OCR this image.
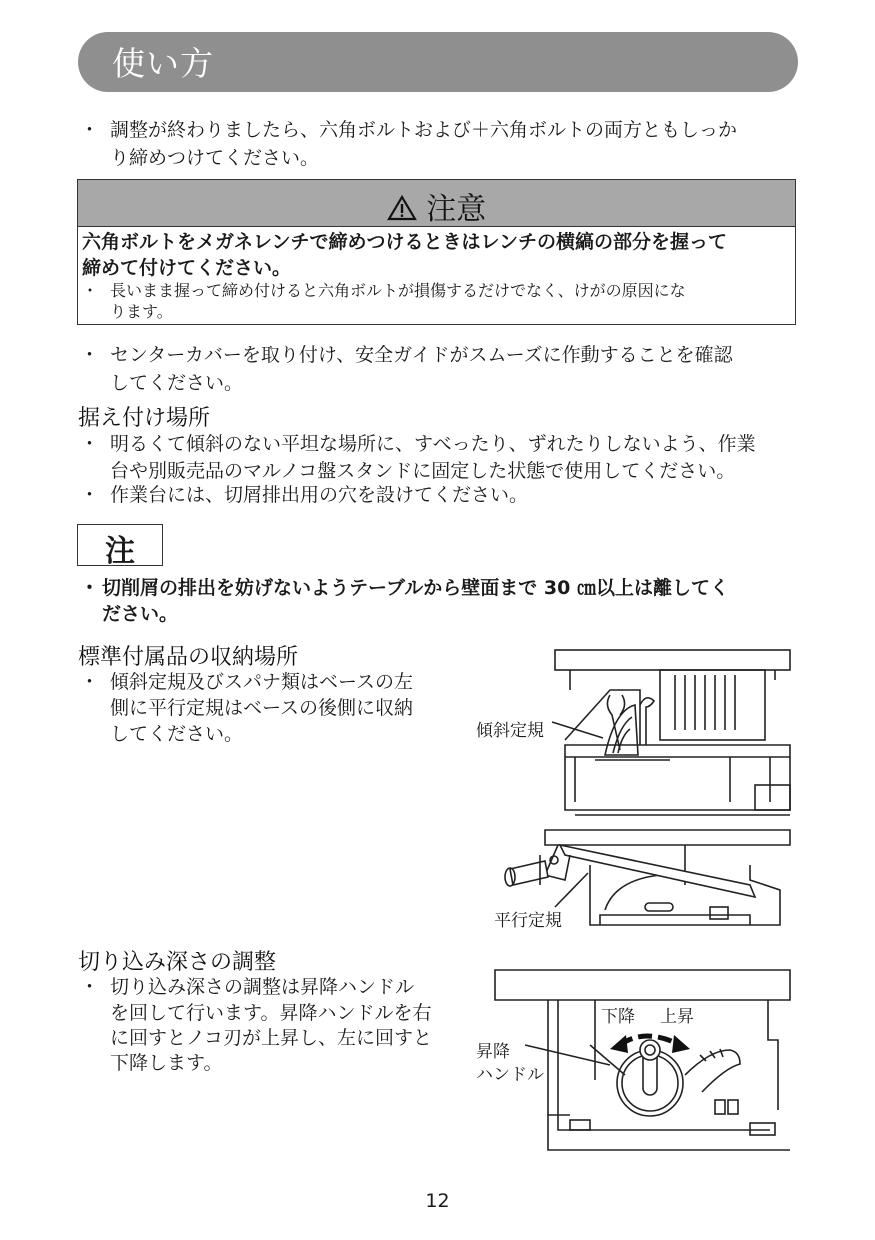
使い方
・ 調整が終わりましたら、六角ボルトおよび＋六角ボルトの両方ともしっか
り締めつけてください。
注意
六角ボルトをメガネレンチで締めつけるときはレンチの横縞の部分を握って
締めて付けてください。
・ 長いまま握って締め付けると六角ボルトが損傷するだけでなく、けがの原因にな
ります。
・ センターカバーを取り付け、安全ガイドがスムーズに作動することを確認
してください。
据え付け場所
・ 明るくて傾斜のない平坦な場所に、すべったり、ずれたりしないよう、作業
台や別販売品のマルノコ盤スタンドに固定した状態で使用してください。
・ 作業台には、切屑排出用の穴を設けてください。
注
・ 切削屑の排出を妨げないようテーブルから壁面まで 30 ㎝以上は離してく
ださい。
標準付属品の収納場所
・ 傾斜定規及びスパナ類はベースの左
側に平行定規はベースの後側に収納
してください。	傾斜定規
平行定規
切り込み深さの調整
・ 切り込み深さの調整は昇降ハンドル
を回して行います。昇降ハンドルを右
に回すとノコ刃が上昇し、左に回すと
下降します。
下降 上昇
昇降
ハンドル
12
